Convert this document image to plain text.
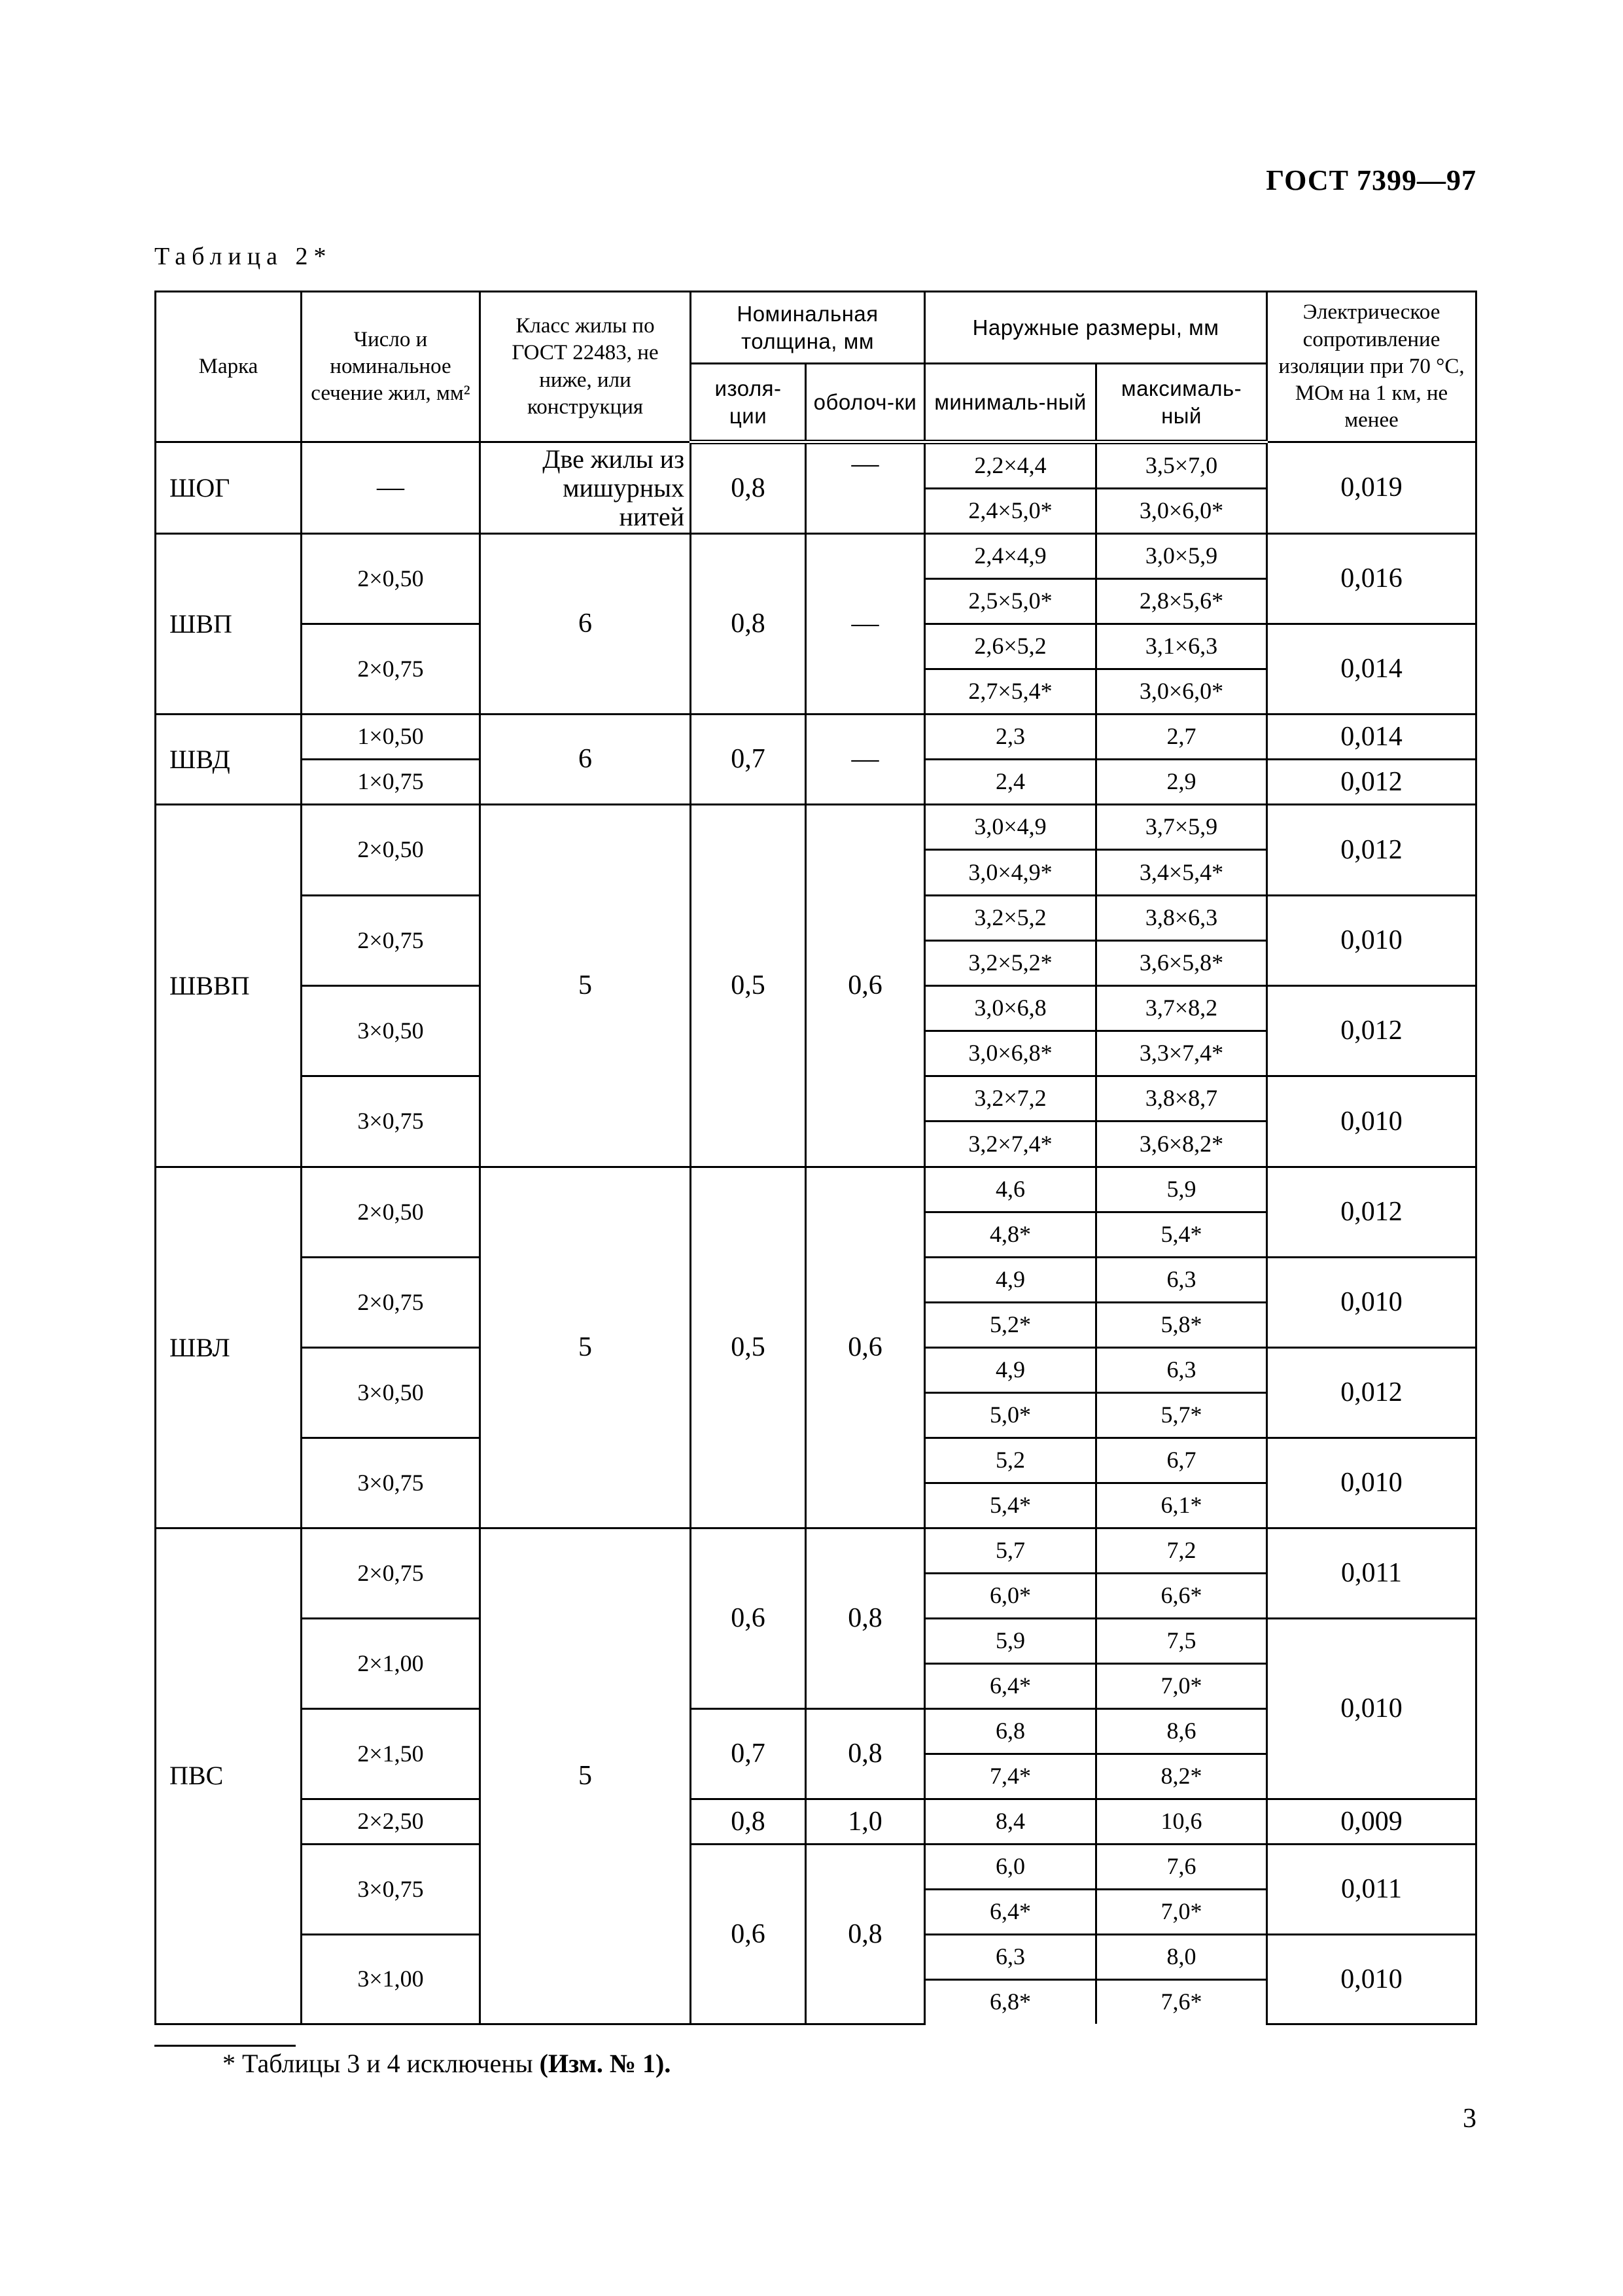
ГОСТ 7399—97
Таблица 2*
Марка	Число и номинальное сечение жил, мм²	Класс жилы по ГОСТ 22483, не ниже, или конструкция	Номинальная толщина, мм		Наружные размеры, мм		Электрическое сопротивление изоляции при 70 °С, МОм на 1 км, не менее
			изоля-ции	оболоч-ки	минималь-ный	максималь-ный	
ШОГ	—	Две жилы из мишурных нитей	0,8	—	2,2×4,4	3,5×7,0	0,019
					2,4×5,0*	3,0×6,0*	
ШВП	2×0,50	6	0,8	—	2,4×4,9	3,0×5,9	0,016
					2,5×5,0*	2,8×5,6*	
	2×0,75				2,6×5,2	3,1×6,3	0,014
					2,7×5,4*	3,0×6,0*	
ШВД	1×0,50	6	0,7	—	2,3	2,7	0,014
	1×0,75				2,4	2,9	0,012
ШВВП	2×0,50	5	0,5	0,6	3,0×4,9	3,7×5,9	0,012
					3,0×4,9*	3,4×5,4*	
	2×0,75				3,2×5,2	3,8×6,3	0,010
					3,2×5,2*	3,6×5,8*	
	3×0,50				3,0×6,8	3,7×8,2	0,012
					3,0×6,8*	3,3×7,4*	
	3×0,75				3,2×7,2	3,8×8,7	0,010
					3,2×7,4*	3,6×8,2*	
ШВЛ	2×0,50	5	0,5	0,6	4,6	5,9	0,012
					4,8*	5,4*	
	2×0,75				4,9	6,3	0,010
					5,2*	5,8*	
	3×0,50				4,9	6,3	0,012
					5,0*	5,7*	
	3×0,75				5,2	6,7	0,010
					5,4*	6,1*	
ПВС	2×0,75	5	0,6	0,8	5,7	7,2	0,011
					6,0*	6,6*	
	2×1,00				5,9	7,5	0,010
					6,4*	7,0*	
	2×1,50		0,7	0,8	6,8	8,6	
					7,4*	8,2*	
	2×2,50		0,8	1,0	8,4	10,6	0,009
	3×0,75		0,6	0,8	6,0	7,6	0,011
					6,4*	7,0*	
	3×1,00				6,3	8,0	0,010
					6,8*	7,6*	
* Таблицы 3 и 4 исключены (Изм. № 1).
3
